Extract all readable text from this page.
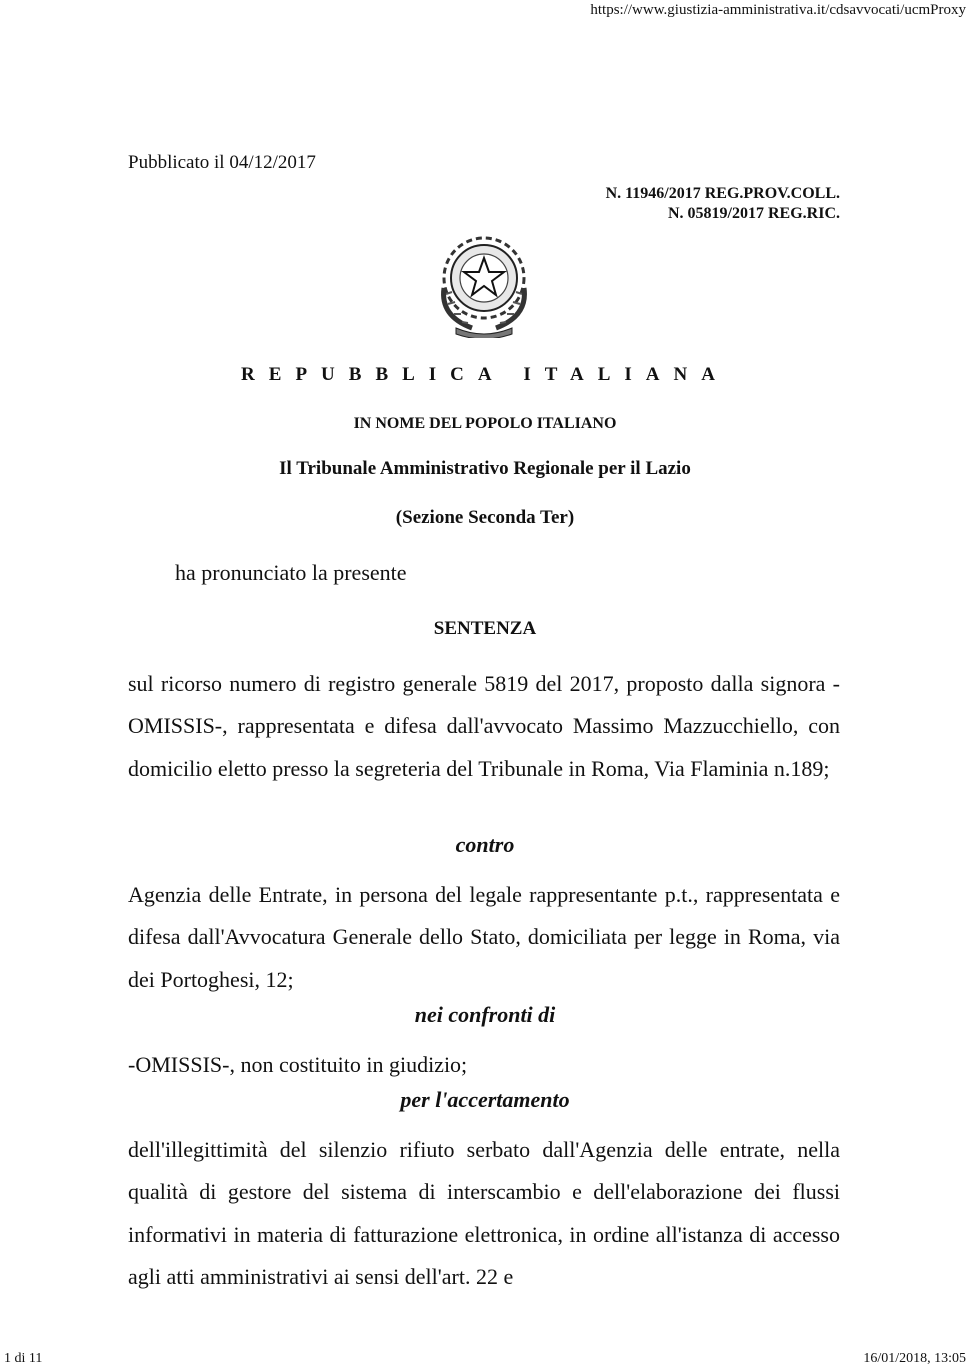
https://www.giustizia-amministrativa.it/cdsavvocati/ucmProxy
Pubblicato il 04/12/2017
N. 11946/2017 REG.PROV.COLL.
N. 05819/2017 REG.RIC.
REPUBBLICA ITALIANA
IN NOME DEL POPOLO ITALIANO
Il Tribunale Amministrativo Regionale per il Lazio
(Sezione Seconda Ter)
ha pronunciato la presente
SENTENZA
sul ricorso numero di registro generale 5819 del 2017, proposto dalla signora -OMISSIS-, rappresentata e difesa dall'avvocato Massimo Mazzucchiello, con domicilio eletto presso la segreteria del Tribunale in Roma, Via Flaminia n.189;
contro
Agenzia delle Entrate, in persona del legale rappresentante p.t., rappresentata e difesa dall'Avvocatura Generale dello Stato, domiciliata per legge in Roma, via dei Portoghesi, 12;
nei confronti di
-OMISSIS-, non costituito in giudizio;
per l'accertamento
dell'illegittimità del silenzio rifiuto serbato dall'Agenzia delle entrate, nella qualità di gestore del sistema di interscambio e dell'elaborazione dei flussi informativi in materia di fatturazione elettronica, in ordine all'istanza di accesso agli atti amministrativi ai sensi dell'art. 22 e
1 di 11	16/01/2018, 13:05
